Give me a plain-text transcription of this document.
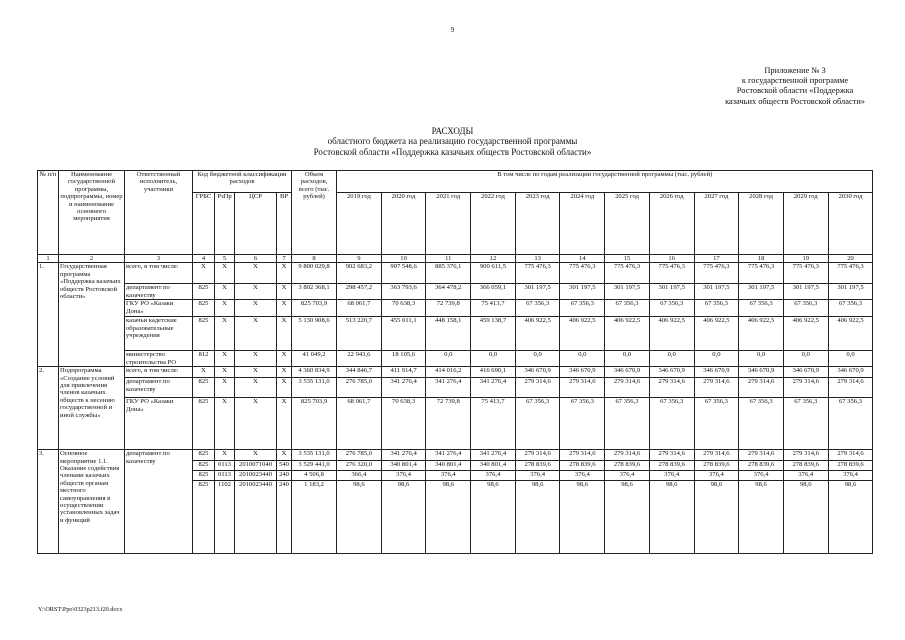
9
Приложение № 3
к государственной программе
Ростовской области «Поддержка
казачьих обществ Ростовской области»
РАСХОДЫ
областного бюджета на реализацию государственной программы
Ростовской области «Поддержка казачьих обществ Ростовской области»
№ п/п	Наименование государственной программы, подпрограммы, номер и наименование основного мероприятия	Ответственный исполнитель, участники	Код бюджетной классификации расходов				Объем расходов, всего (тыс. рублей)	В том числе по годам реализации государственной программы (тыс. рублей)											
			ГРБС	РзПр	ЦСР	ВР		2019 год	2020 год	2021 год	2022 год	2023 год	2024 год	2025 год	2026 год	2027 год	2028 год	2029 год	2030 год
1	2	3	4	5	6	7	8	9	10	11	12	13	14	15	16	17	18	19	20
1.	Государственная программа «Поддержка казачьих обществ Ростовской области»	всего, в том числе:	X	X	X	X	9 800 029,8	902 683,2	907 548,6	885 376,1	900 611,5	775 476,3	775 476,3	775 476,3	775 476,3	775 476,3	775 476,3	775 476,3	775 476,3
		департамент по казачеству	825	X	X	X	3 802 368,1	298 457,2	363 793,6	364 478,2	366 059,1	301 197,5	301 197,5	301 197,5	301 197,5	301 197,5	301 197,5	301 197,5	301 197,5
		ГКУ РО «Казаки Дона»	825	X	X	X	825 703,9	68 061,7	70 638,3	72 739,8	75 413,7	67 356,3	67 356,3	67 356,3	67 356,3	67 356,3	67 356,3	67 356,3	67 356,3
		казачьи кадетские образовательные учреждения	825	X	X	X	5 130 908,6	513 220,7	455 011,1	448 158,1	459 138,7	406 922,5	406 922,5	406 922,5	406 922,5	406 922,5	406 922,5	406 922,5	406 922,5
		министерство строительства РО	812	X	X	X	41 049,2	22 943,6	18 105,6	0,0	0,0	0,0	0,0	0,0	0,0	0,0	0,0	0,0	0,0
2.	Подпрограмма «Создание условий для привлечения членов казачьих обществ к несению государственной и иной службы»	всего, в том числе:	X	X	X	X	4 360 834,9	344 846,7	411 914,7	414 016,2	416 690,1	346 670,9	346 670,9	346 670,9	346 670,9	346 670,9	346 670,9	346 670,9	346 670,9
		департамент по казачеству	825	X	X	X	3 535 131,0	276 785,0	341 276,4	341 276,4	341 276,4	279 314,6	279 314,6	279 314,6	279 314,6	279 314,6	279 314,6	279 314,6	279 314,6
		ГКУ РО «Казаки Дона»	825	X	X	X	825 703,9	68 061,7	70 638,3	72 739,8	75 413,7	67 356,3	67 356,3	67 356,3	67 356,3	67 356,3	67 356,3	67 356,3	67 356,3
3.	Основное мероприятие 1.1. Оказание содействия членами казачьих обществ органам местного самоуправления в осуществлении установленных задач и функций	департамент по казачеству	825	X	X	X	3 535 131,0	276 785,0	341 276,4	341 276,4	341 276,4	279 314,6	279 314,6	279 314,6	279 314,6	279 314,6	279 314,6	279 314,6	279 314,6
			825	0113	2010071040	540	3 529 441,0	276 320,0	340 801,4	340 801,4	340 801,4	278 839,6	278 839,6	278 839,6	278 839,6	278 839,6	278 839,6	278 839,6	278 839,6
			825	0113	2010023440	240	4 506,8	366,4	376,4	376,4	376,4	376,4	376,4	376,4	376,4	376,4	376,4	376,4	376,4
			825	1102	2010023440	240	1 183,2	98,6	98,6	98,6	98,6	98,6	98,6	98,6	98,6	98,6	98,6	98,6	98,6
Y:\ORST\Ppo\0323p213.f20.docx
